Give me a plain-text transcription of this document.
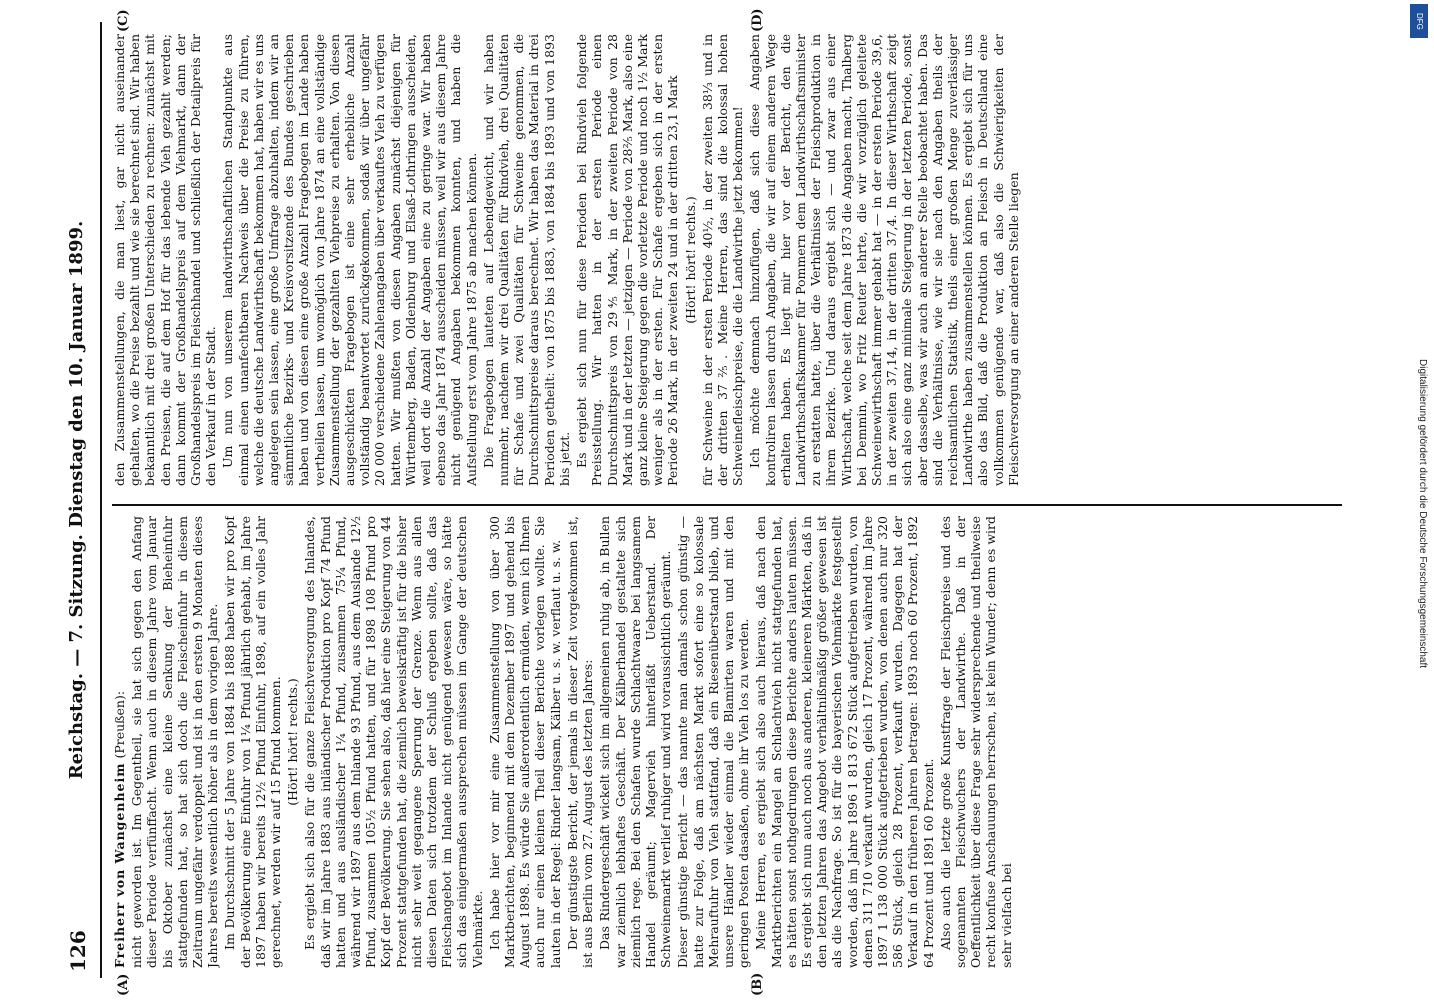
126
Reichstag. — 7. Sitzung. Dienstag den 10. Januar 1899.
(A)	(B)
(C)	(D)

Freiherr von Wangenheim (Preußen): nicht geworden ist. Im Gegentheil, sie hat sich gegen den Anfang dieser Periode verfünffacht. Wenn auch in diesem Jahre vom Januar bis Oktober zunächst eine kleine Senkung der Bieheinfuhr stattgefunden hat, so hat sich doch die Fleischeinfuhr in diesem Zeitraum ungefähr verdoppelt und ist in den ersten 9 Monaten dieses Jahres bereits wesentlich höher als in dem vorigen Jahre. Im Durchschnitt der 5 Jahre von 1884 bis 1888 haben wir pro Kopf der Bevölkerung eine Einfuhr von 1¼ Pfund jährlich gehabt, im Jahre 1897 haben wir bereits 12½ Pfund Einfuhr, 1898, auf ein volles Jahr gerechnet, werden wir auf 15 Pfund kommen. (Hört! hört! rechts.) Es ergiebt sich also für die ganze Fleischversorgung des Inlandes, daß wir im Jahre 1883 aus inländischer Produktion pro Kopf 74 Pfund hatten und aus ausländischer 1¼ Pfund, zusammen 75¼ Pfund, während wir 1897 aus dem Inlande 93 Pfund, aus dem Auslande 12½ Pfund, zusammen 105½ Pfund hatten, und für 1898 108 Pfund pro Kopf der Bevölkerung. Sie sehen also, daß hier eine Steigerung von 44 Prozent stattgefunden hat, die ziemlich beweiskräftig ist für die bisher nicht sehr weit gegangene Sperrung der Grenze. Wenn aus allen diesen Daten sich trotzdem der Schluß ergeben sollte, daß das Fleischangebot im Inlande nicht genügend gewesen wäre, so hätte sich das einigermaßen aussprechen müssen im Gange der deutschen Viehmärkte. Ich habe hier vor mir eine Zusammenstellung von über 300 Marktberichten, beginnend mit dem Dezember 1897 und gehend bis August 1898. Es würde Sie außerordentlich ermüden, wenn ich Ihnen auch nur einen kleinen Theil dieser Berichte vorlegen wollte. Sie lauten in der Regel: Rinder langsam, Kälber u. s. w. verflaut u. s. w. Der günstigste Bericht, der jemals in dieser Zeit vorgekommen ist, ist aus Berlin vom 27. August des letzten Jahres: Das Rindergeschäft wickelt sich im allgemeinen ruhig ab, in Bullen war ziemlich lebhaftes Geschäft. Der Kälberhandel gestaltete sich ziemlich rege. Bei den Schafen wurde Schlachtwaare bei langsamem Handel geräumt; Magervieh hinterläßt Ueberstand. Der Schweinemarkt verlief ruhiger und wird voraussichtlich geräumt. Dieser günstige Bericht — das nannte man damals schon günstig — hatte zur Folge, daß am nächsten Markt sofort eine so kolossale Mehrauftuhr von Vieh stattfand, daß ein Riesenüberstand blieb, und unsere Händler wieder einmal die Blamirten waren und mit den geringen Posten dasaßen, ohne ihr Vieh los zu werden. Meine Herren, es ergiebt sich also auch hieraus, daß nach den Marktberichten ein Mangel an Schlachtvieh nicht stattgefunden hat, es hätten sonst nothgedrungen diese Berichte anders lauten müssen. Es ergiebt sich nun auch noch aus anderen, kleineren Märkten, daß in den letzten Jahren das Angebot verhältnißmäßig größer gewesen ist als die Nachfrage. So ist für die bayerischen Viehmärkte festgestellt worden, daß im Jahre 1896 1 813 672 Stück aufgetrieben wurden, von denen 311 710 verkauft wurden, gleich 17 Prozent, während im Jahre 1897 1 138 000 Stück aufgetrieben wurden, von denen auch nur 320 586 Stück, gleich 28 Prozent, verkauft wurden. Dagegen hat der Verkauf in den früheren Jahren betragen: 1893 noch 60 Prozent, 1892 64 Prozent und 1891 60 Prozent. Also auch die letzte große Kunstfrage der Fleischpreise und des sogenannten Fleischwuchers der Landwirthe. Daß in der Oeffentlichkeit über diese Frage sehr widersprechende und theilweise recht konfuse Anschauungen herrschen, ist kein Wunder; denn es wird sehr vielfach bei

den Zusammenstellungen, die man liest, gar nicht auseinander gehalten, wo die Preise bezahlt und wie sie berechnet sind. Wir haben bekanntlich mit drei großen Unterschieden zu rechnen: zunächst mit den Preisen, die auf dem Hof für das lebende Vieh gezahlt werden; dann kommt der Großhandelspreis auf dem Viehmarkt, dann der Großhandelspreis im Fleischhandel und schließlich der Detailpreis für den Verkauf in der Stadt. Um nun von unserem landwirthschaftlichen Standpunkte aus einmal einen unanfechtbaren Nachweis über die Preise zu führen, welche die deutsche Landwirthschaft bekommen hat, haben wir es uns angelegen sein lassen, eine große Umfrage abzuhalten, indem wir an sämmtliche Bezirks- und Kreisvorsitzende des Bundes geschrieben haben und von diesen eine große Anzahl Fragebogen im Lande haben vertheilen lassen, um womöglich von Jahre 1874 an eine vollständige Zusammenstellung der gezahlten Viehpreise zu erhalten. Von diesen ausgeschickten Fragebogen ist eine sehr erhebliche Anzahl vollständig beantwortet zurückgekommen, sodaß wir über ungefähr 20 000 verschiedene Zahlenangaben über verkauftes Vieh zu verfügen hatten. Wir mußten von diesen Angaben zunächst diejenigen für Württemberg, Baden, Oldenburg und Elsaß-Lothringen ausscheiden, weil dort die Anzahl der Angaben eine zu geringe war. Wir haben ebenso das Jahr 1874 ausscheiden müssen, weil wir aus diesem Jahre nicht genügend Angaben bekommen konnten, und haben die Aufstellung erst vom Jahre 1875 ab machen können. Die Fragebogen lauteten auf Lebendgewicht, und wir haben nunmehr, nachdem wir drei Qualitäten für Rindvieh, drei Qualitäten für Schafe und zwei Qualitäten für Schweine genommen, die Durchschnittspreise daraus berechnet. Wir haben das Material in drei Perioden getheilt: von 1875 bis 1883, von 1884 bis 1893 und von 1893 bis jetzt. Es ergiebt sich nun für diese Perioden bei Rindvieh folgende Preisstellung. Wir hatten in der ersten Periode einen Durchschnittspreis von 29⅘ Mark, in der zweiten Periode von 28 Mark und in der letzten — jetzigen — Periode von 28⅖ Mark, also eine ganz kleine Steigerung gegen die vorletzte Periode und noch 1½ Mark weniger als in der ersten. Für Schafe ergeben sich in der ersten Periode 26 Mark, in der zweiten 24 und in der dritten 23,1 Mark (Hört! hört! rechts.) für Schweine in der ersten Periode 40½, in der zweiten 38⅓ und in der dritten 37⅖. Meine Herren, das sind die kolossal hohen Schweinefleischpreise, die die Landwirthe jetzt bekommen! Ich möchte demnach hinzufügen, daß sich diese Angaben kontroliren lassen durch Angaben, die wir auf einem anderen Wege erhalten haben. Es liegt mir hier vor der Bericht, den die Landwirthschaftskammer für Pommern dem Landwirthschaftsminister zu erstatten hatte, über die Verhältnisse der Fleischproduktion in ihrem Bezirke. Und daraus ergiebt sich — und zwar aus einer Wirthschaft, welche seit dem Jahre 1873 die Angaben macht, Thalberg bei Demmin, wo Fritz Reuter lehrte, die wir vorzüglich geleitete Schweinewirthschaft immer gehabt hat — in der ersten Periode 39,6, in der zweiten 37,14, in der dritten 37,4. In dieser Wirthschaft zeigt sich also eine ganz minimale Steigerung in der letzten Periode, sonst aber dasselbe, was wir auch an anderer Stelle beobachtet haben. Das sind die Verhältnisse, wie wir sie nach den Angaben theils der reichsamtlichen Statistik, theils einer großen Menge zuverlässiger Landwirthe haben zusammenstellen können. Es ergiebt sich für uns also das Bild, daß die Produktion an Fleisch in Deutschland eine vollkommen genügende war, daß also die Schwierigkeiten der Fleischversorgung an einer anderen Stelle liegen

DFG
Digitalisierung gefördert durch die Deutsche Forschungsgemeinschaft
